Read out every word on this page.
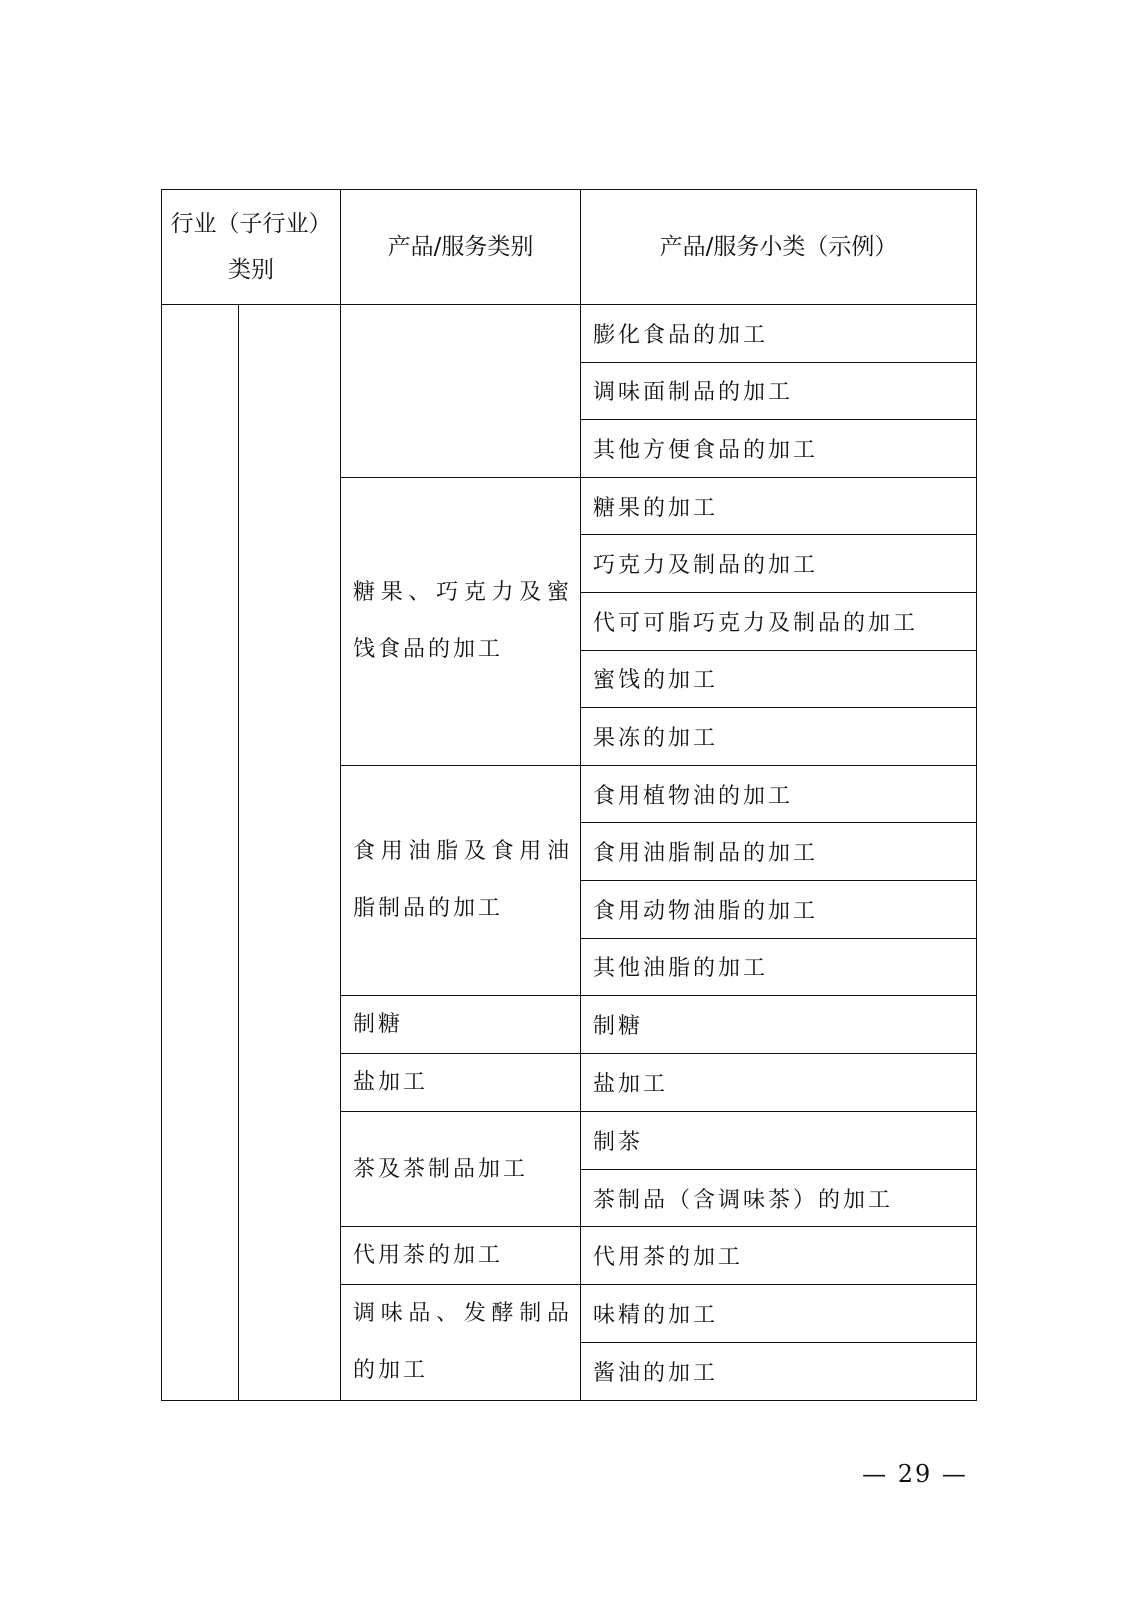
行业（子行业）类别		产品/服务类别	产品/服务小类（示例）
			膨化食品的加工
			调味面制品的加工
			其他方便食品的加工
		糖果、巧克力及蜜饯食品的加工	糖果的加工
			巧克力及制品的加工
			代可可脂巧克力及制品的加工
			蜜饯的加工
			果冻的加工
		食用油脂及食用油脂制品的加工	食用植物油的加工
			食用油脂制品的加工
			食用动物油脂的加工
			其他油脂的加工
		制糖	制糖
		盐加工	盐加工
		茶及茶制品加工	制茶
			茶制品（含调味茶）的加工
		代用茶的加工	代用茶的加工
		调味品、发酵制品的加工	味精的加工
			酱油的加工
— 29 —
